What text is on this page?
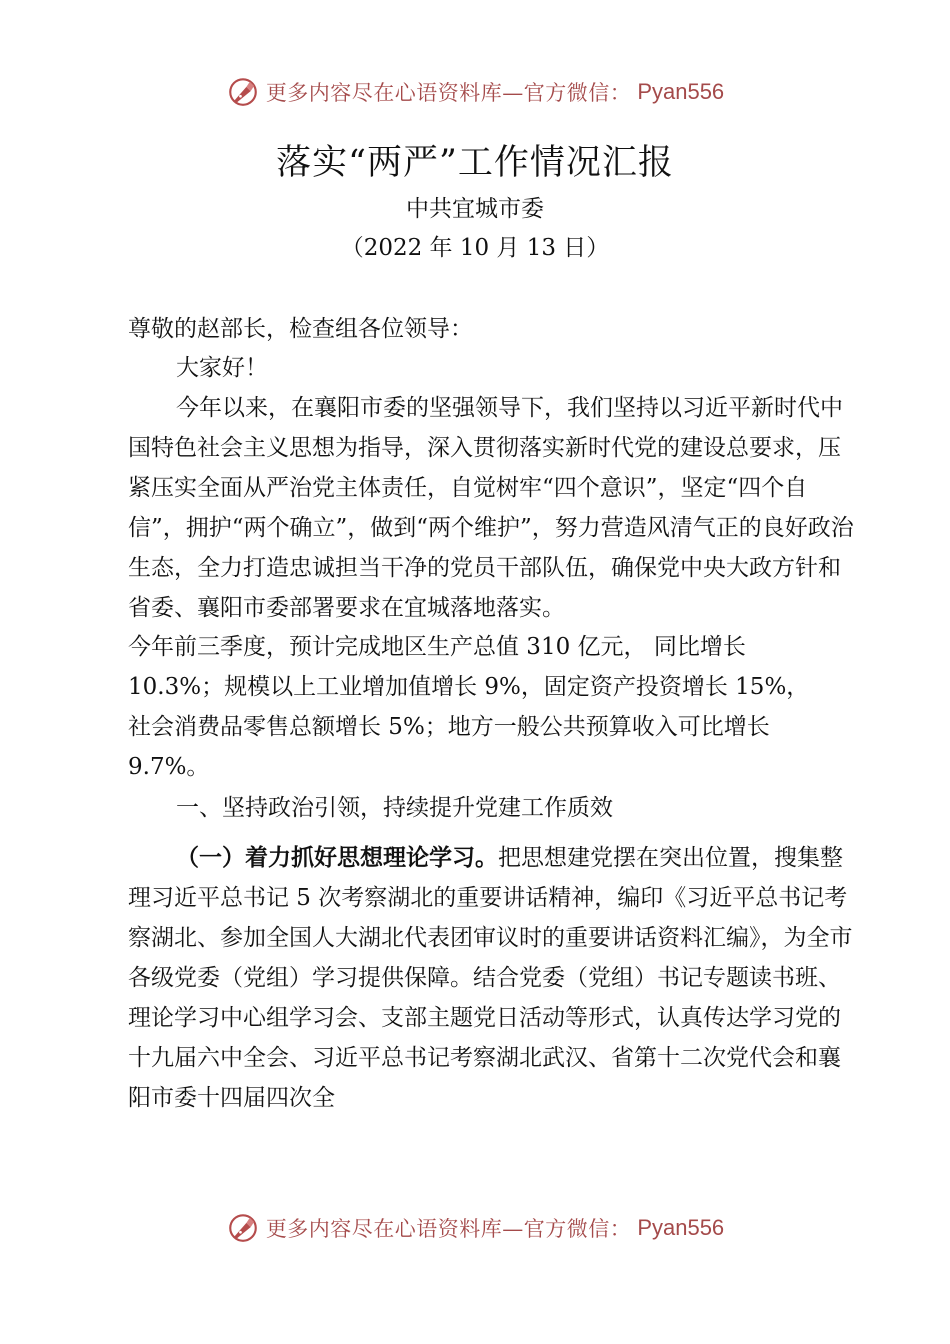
更多内容尽在心语资料库—官方微信： Pyan556
落实“两严”工作情况汇报
中共宜城市委
（2022 年 10 月 13 日）

尊敬的赵部长，检查组各位领导：

大家好！

今年以来，在襄阳市委的坚强领导下，我们坚持以习近平新时代中国特色社会主义思想为指导，深入贯彻落实新时代党的建设总要求，压紧压实全面从严治党主体责任，自觉树牢“四个意识”，坚定“四个自信”，拥护“两个确立”，做到“两个维护”，努力营造风清气正的良好政治生态，全力打造忠诚担当干净的党员干部队伍，确保党中央大政方针和省委、襄阳市委部署要求在宜城落地落实。

今年前三季度，预计完成地区生产总值 310 亿元， 同比增长 10.3%；规模以上工业增加值增长 9%，固定资产投资增长 15%，社会消费品零售总额增长 5%；地方一般公共预算收入可比增长 9.7%。

一、坚持政治引领，持续提升党建工作质效

（一）着力抓好思想理论学习。把思想建党摆在突出位置，搜集整理习近平总书记 5 次考察湖北的重要讲话精神，编印《习近平总书记考察湖北、参加全国人大湖北代表团审议时的重要讲话资料汇编》，为全市各级党委（党组）学习提供保障。结合党委（党组）书记专题读书班、理论学习中心组学习会、支部主题党日活动等形式，认真传达学习党的十九届六中全会、习近平总书记考察湖北武汉、省第十二次党代会和襄阳市委十四届四次全

更多内容尽在心语资料库—官方微信： Pyan556
